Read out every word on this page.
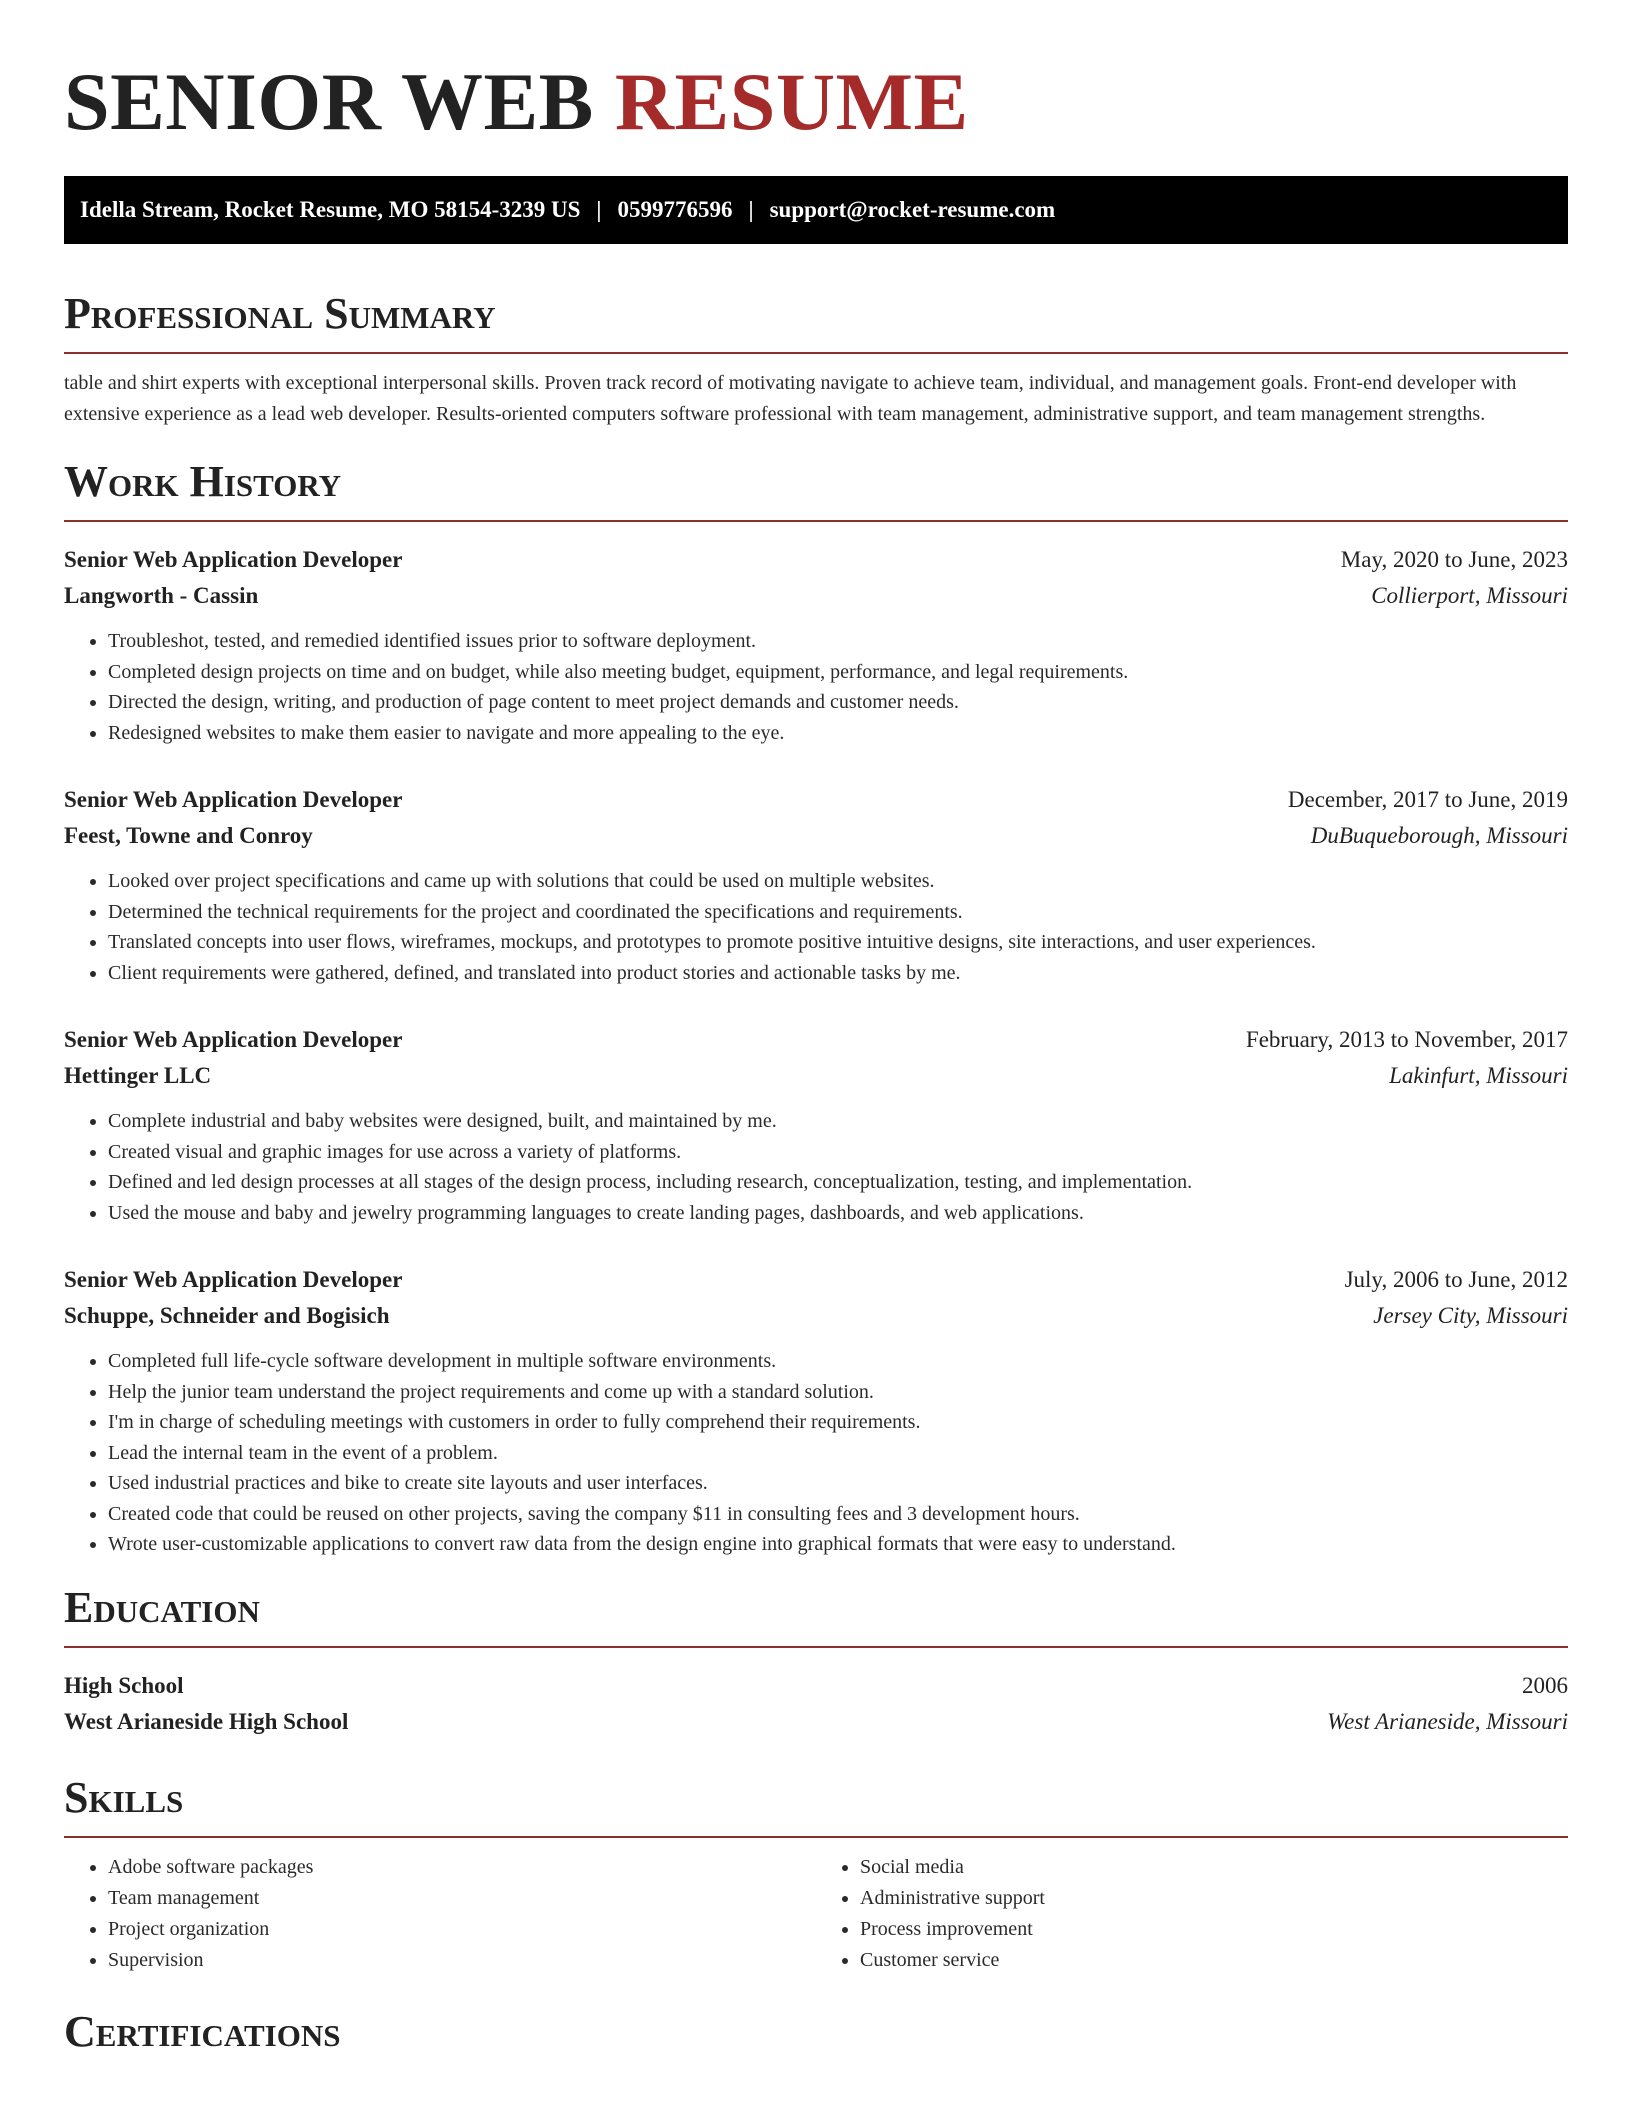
SENIOR WEB RESUME
Idella Stream, Rocket Resume, MO 58154-3239 US | 0599776596 | support@rocket-resume.com
Professional Summary

table and shirt experts with exceptional interpersonal skills. Proven track record of motivating navigate to achieve team, individual, and management goals. Front-end developer with extensive experience as a lead web developer. Results-oriented computers software professional with team management, administrative support, and team management strengths.

Work History
Senior Web Application Developer	May, 2020 to June, 2023
Langworth - Cassin	Collierport, Missouri
• Troubleshot, tested, and remedied identified issues prior to software deployment.
• Completed design projects on time and on budget, while also meeting budget, equipment, performance, and legal requirements.
• Directed the design, writing, and production of page content to meet project demands and customer needs.
• Redesigned websites to make them easier to navigate and more appealing to the eye.
Senior Web Application Developer	December, 2017 to June, 2019
Feest, Towne and Conroy	DuBuqueborough, Missouri
• Looked over project specifications and came up with solutions that could be used on multiple websites.
• Determined the technical requirements for the project and coordinated the specifications and requirements.
• Translated concepts into user flows, wireframes, mockups, and prototypes to promote positive intuitive designs, site interactions, and user experiences.
• Client requirements were gathered, defined, and translated into product stories and actionable tasks by me.
Senior Web Application Developer	February, 2013 to November, 2017
Hettinger LLC	Lakinfurt, Missouri
• Complete industrial and baby websites were designed, built, and maintained by me.
• Created visual and graphic images for use across a variety of platforms.
• Defined and led design processes at all stages of the design process, including research, conceptualization, testing, and implementation.
• Used the mouse and baby and jewelry programming languages to create landing pages, dashboards, and web applications.
Senior Web Application Developer	July, 2006 to June, 2012
Schuppe, Schneider and Bogisich	Jersey City, Missouri
• Completed full life-cycle software development in multiple software environments.
• Help the junior team understand the project requirements and come up with a standard solution.
• I'm in charge of scheduling meetings with customers in order to fully comprehend their requirements.
• Lead the internal team in the event of a problem.
• Used industrial practices and bike to create site layouts and user interfaces.
• Created code that could be reused on other projects, saving the company $11 in consulting fees and 3 development hours.
• Wrote user-customizable applications to convert raw data from the design engine into graphical formats that were easy to understand.
Education
High School	2006
West Arianeside High School	West Arianeside, Missouri
Skills
• Adobe software packages
• Team management
• Project organization
• Supervision
• Social media
• Administrative support
• Process improvement
• Customer service
Certifications
